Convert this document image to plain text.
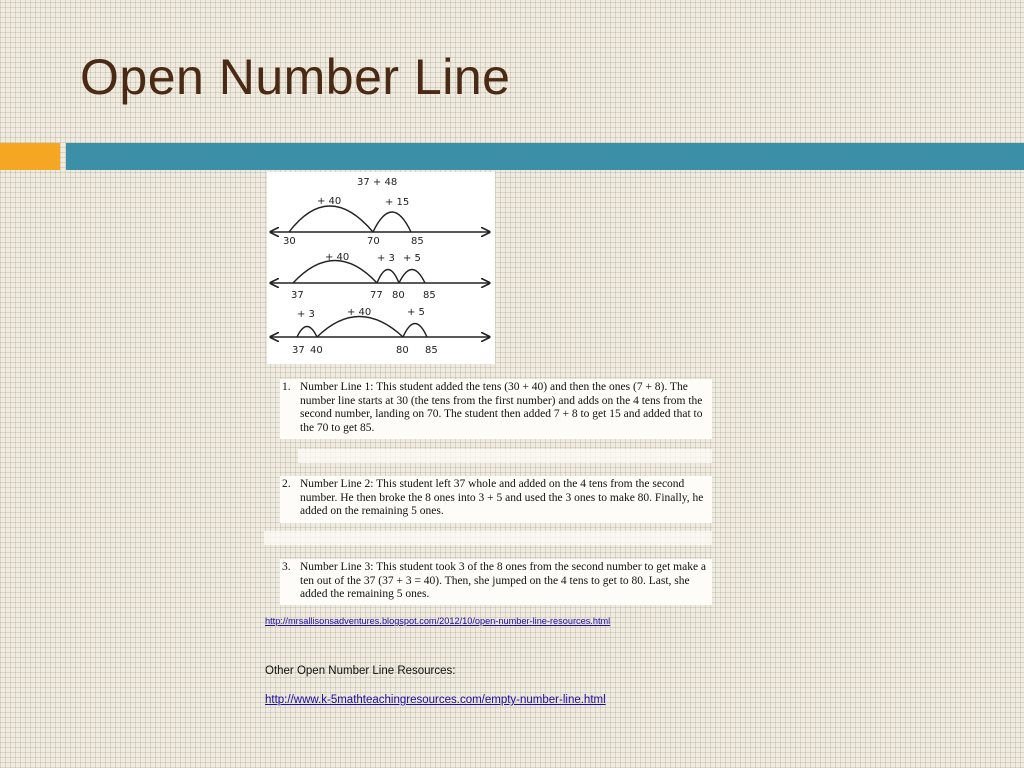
Open Number Line
37 + 48
+ 40	+ 15
30	70	85
+ 40	+ 3 + 5
37	77 80 85
+ 3	+ 40	+ 5
37 40	80 85
1. Number Line 1: This student added the tens (30 + 40) and then the ones (7 + 8). The number line starts at 30 (the tens from the first number) and adds on the 4 tens from the second number, landing on 70. The student then added 7 + 8 to get 15 and added that to the 70 to get 85.
2. Number Line 2: This student left 37 whole and added on the 4 tens from the second number. He then broke the 8 ones into 3 + 5 and used the 3 ones to make 80. Finally, he added on the remaining 5 ones.
3. Number Line 3: This student took 3 of the 8 ones from the second number to get make a ten out of the 37 (37 + 3 = 40). Then, she jumped on the 4 tens to get to 80. Last, she added the remaining 5 ones.
http://mrsallisonsadventures.blogspot.com/2012/10/open-number-line-resources.html
Other Open Number Line Resources:
http://www.k-5mathteachingresources.com/empty-number-line.html
